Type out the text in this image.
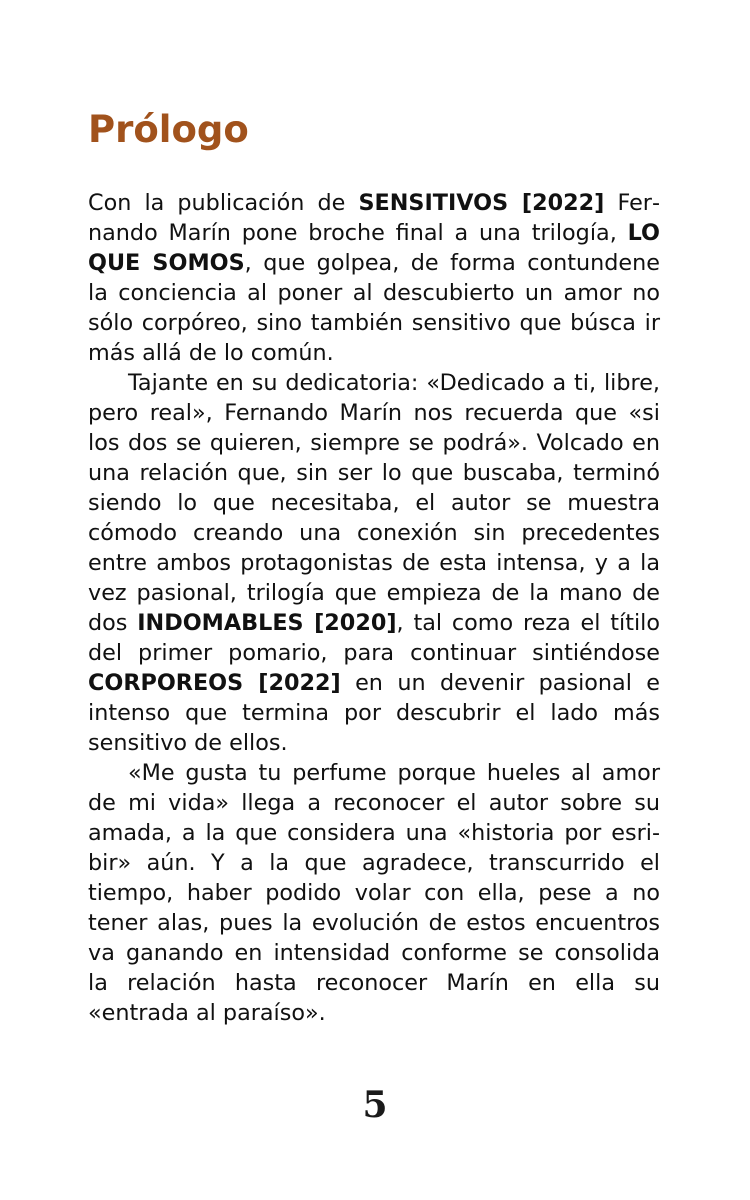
Prólogo

Con la publicación de SENSITIVOS [2022] Fernando Marín pone broche final a una trilogía, LO QUE SOMOS, que golpea, de forma contundene la conciencia al poner al descubierto un amor no sólo corpóreo, sino también sensitivo que búsca ir más allá de lo común.

Tajante en su dedicatoria: «Dedicado a ti, libre, pero real», Fernando Marín nos recuerda que «si los dos se quieren, siempre se podrá». Volcado en una relación que, sin ser lo que buscaba, terminó siendo lo que necesitaba, el autor se muestra cómodo creando una conexión sin precedentes entre ambos protagonistas de esta intensa, y a la vez pasional, trilogía que empieza de la mano de dos INDOMABLES [2020], tal como reza el títilo del primer pomario, para continuar sintiéndose CORPOREOS [2022] en un devenir pasional e intenso que termina por descubrir el lado más sensitivo de ellos.

«Me gusta tu perfume porque hueles al amor de mi vida» llega a reconocer el autor sobre su amada, a la que considera una «historia por esribir» aún. Y a la que agradece, transcurrido el tiempo, haber podido volar con ella, pese a no tener alas, pues la evolución de estos encuentros va ganando en intensidad conforme se consolida la relación hasta reconocer Marín en ella su «entrada al paraíso».

5
